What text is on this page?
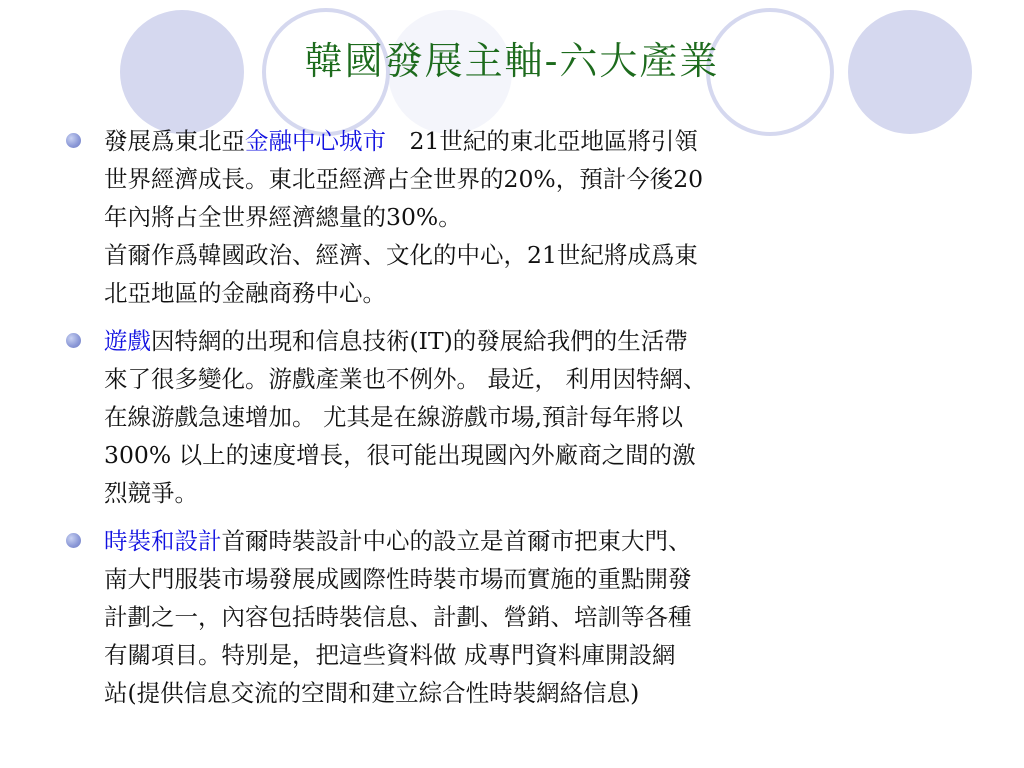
韓國發展主軸-六大產業
發展爲東北亞金融中心城市　21世紀的東北亞地區將引領
世界經濟成長。東北亞經濟占全世界的20%，預計今後20
年內將占全世界經濟總量的30%。
首爾作爲韓國政治、經濟、文化的中心，21世紀將成爲東
北亞地區的金融商務中心。
遊戲因特網的出現和信息技術(IT)的發展給我們的生活帶
來了很多變化。游戲產業也不例外。 最近， 利用因特網、
在線游戲急速增加。 尤其是在線游戲市場,預計每年將以
300% 以上的速度增長，很可能出現國內外廠商之間的激
烈競爭。
時裝和設計首爾時裝設計中心的設立是首爾市把東大門、
南大門服裝市場發展成國際性時裝市場而實施的重點開發
計劃之一，內容包括時裝信息、計劃、營銷、培訓等各種
有關項目。特別是，把這些資料做 成專門資料庫開設網
站(提供信息交流的空間和建立綜合性時裝網絡信息)
